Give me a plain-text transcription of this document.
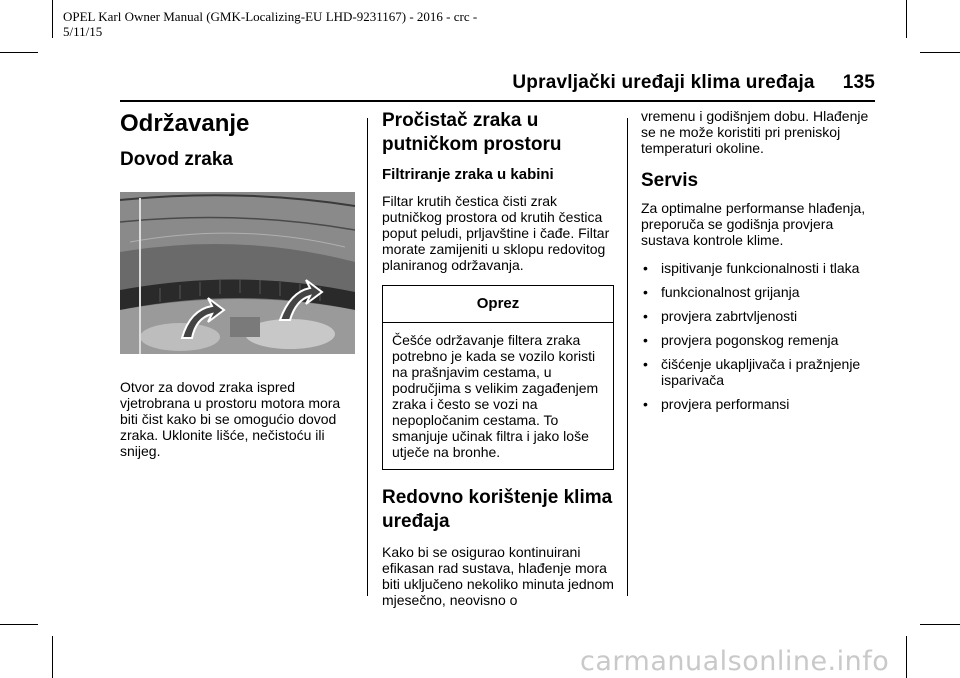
OPEL Karl Owner Manual (GMK-Localizing-EU LHD-9231167) - 2016 - crc - 5/11/15
Upravljački uređaji klima uređaja 135
Održavanje
Dovod zraka

Otvor za dovod zraka ispred vjetrobrana u prostoru motora mora biti čist kako bi se omogućio dovod zraka. Uklonite lišće, nečistoću ili snijeg.

Pročistač zraka u putničkom prostoru
Filtriranje zraka u kabini

Filtar krutih čestica čisti zrak putničkog prostora od krutih čestica poput peludi, prljavštine i čađe. Filtar morate zamijeniti u sklopu redovitog planiranog održavanja.

Oprez

Češće održavanje filtera zraka potrebno je kada se vozilo koristi na prašnjavim cestama, u područjima s velikim zagađenjem zraka i često se vozi na nepopločanim cestama. To smanjuje učinak filtra i jako loše utječe na bronhe.

Redovno korištenje klima uređaja

Kako bi se osigurao kontinuirani efikasan rad sustava, hlađenje mora biti uključeno nekoliko minuta jednom mjesečno, neovisno o

vremenu i godišnjem dobu. Hlađenje se ne može koristiti pri preniskoj temperaturi okoline.

Servis

Za optimalne performanse hlađenja, preporuča se godišnja provjera sustava kontrole klime.

• ispitivanje funkcionalnosti i tlaka
• funkcionalnost grijanja
• provjera zabrtvljenosti
• provjera pogonskog remenja
• čišćenje ukapljivača i pražnjenje isparivača
• provjera performansi
carmanualsonline.info
